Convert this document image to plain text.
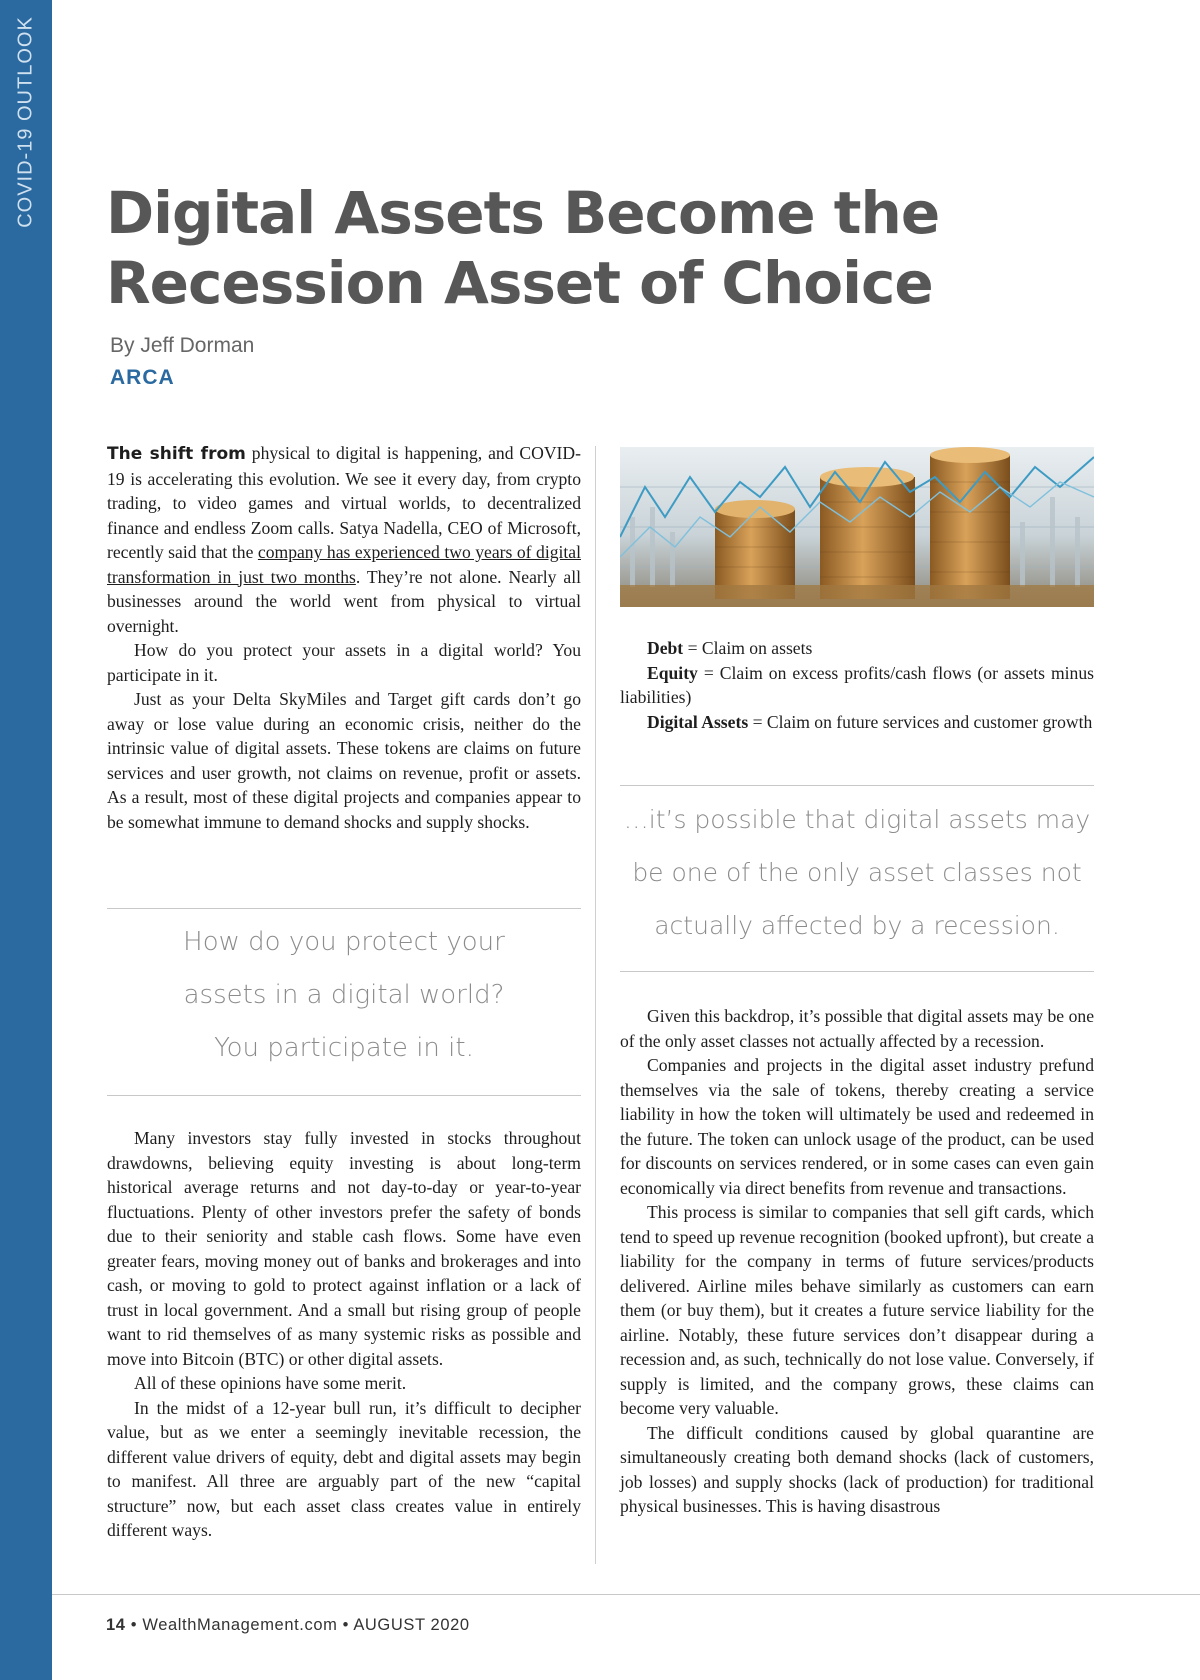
COVID-19 OUTLOOK Digital Assets Become the
Recession Asset of Choice
By Jeff Dorman
ARCA

The shift from physical to digital is happening, and COVID-19 is accelerating this evolution. We see it every day, from crypto trading, to video games and virtual worlds, to decentralized finance and endless Zoom calls. Satya Nadella, CEO of Microsoft, recently said that the company has experienced two years of digital transformation in just two months. They’re not alone. Nearly all businesses around the world went from physical to virtual overnight.

How do you protect your assets in a digital world? You participate in it.

Just as your Delta SkyMiles and Target gift cards don’t go away or lose value during an economic crisis, neither do the intrinsic value of digital assets. These tokens are claims on future services and user growth, not claims on revenue, profit or assets. As a result, most of these digital projects and companies appear to be somewhat immune to demand shocks and supply shocks.

How do you protect your
assets in a digital world?
You participate in it.

Many investors stay fully invested in stocks throughout drawdowns, believing equity investing is about long-term historical average returns and not day-to-day or year-to-year fluctuations. Plenty of other investors prefer the safety of bonds due to their seniority and stable cash flows. Some have even greater fears, moving money out of banks and brokerages and into cash, or moving to gold to protect against inflation or a lack of trust in local government. And a small but rising group of people want to rid themselves of as many systemic risks as possible and move into Bitcoin (BTC) or other digital assets.

All of these opinions have some merit.

In the midst of a 12-year bull run, it’s difficult to decipher value, but as we enter a seemingly inevitable recession, the different value drivers of equity, debt and digital assets may begin to manifest. All three are arguably part of the new “capital structure” now, but each asset class creates value in entirely different ways.

Debt = Claim on assets

Equity = Claim on excess profits/cash flows (or assets minus liabilities)

Digital Assets = Claim on future services and customer growth

…it’s possible that digital assets may
be one of the only asset classes not
actually affected by a recession.

Given this backdrop, it’s possible that digital assets may be one of the only asset classes not actually affected by a recession.

Companies and projects in the digital asset industry prefund themselves via the sale of tokens, thereby creating a service liability in how the token will ultimately be used and redeemed in the future. The token can unlock usage of the product, can be used for discounts on services rendered, or in some cases can even gain economically via direct benefits from revenue and transactions.

This process is similar to companies that sell gift cards, which tend to speed up revenue recognition (booked upfront), but create a liability for the company in terms of future services/products delivered. Airline miles behave similarly as customers can earn them (or buy them), but it creates a future service liability for the airline. Notably, these future services don’t disappear during a recession and, as such, technically do not lose value. Conversely, if supply is limited, and the company grows, these claims can become very valuable.

The difficult conditions caused by global quarantine are simultaneously creating both demand shocks (lack of customers, job losses) and supply shocks (lack of production) for traditional physical businesses. This is having disastrous

14 • WealthManagement.com • AUGUST 2020
